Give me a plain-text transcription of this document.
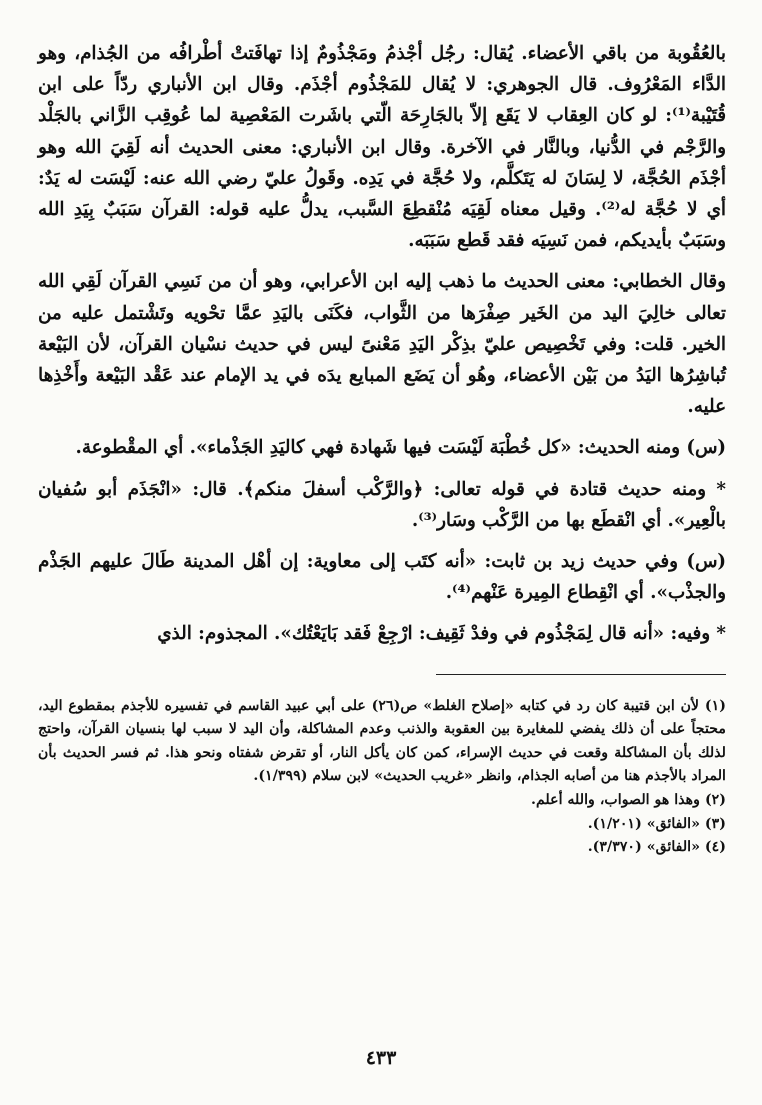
بالعُقُوبة من باقي الأعضاء. يُقال: رجُل أجْذمُ ومَجْذُومٌ إذا تهافَتتْ أطْرافُه من الجُذام، وهو الدَّاء المَعْرُوف. قال الجوهري: لا يُقال للمَجْذُوم أجْذَم. وقال ابن الأنباري ردّاً على ابن قُتَيْبة⁽¹⁾: لو كان العِقاب لا يَقَع إلاّ بالجَارِحَة الّتي باشَرت المَعْصِية لما عُوقِب الزَّاني بالجَلْد والرَّجْم في الدُّنيا، وبالنَّار في الآخرة. وقال ابن الأنباري: معنى الحديث أنه لَقِيَ الله وهو أجْذَم الحُجَّة، لا لِسَانَ له يَتَكلَّم، ولا حُجَّة في يَدِه. وقَولُ عليّ رضي الله عنه: لَيْسَت له يَدٌ: أي لا حُجَّة له⁽²⁾. وقيل معناه لَقِيَه مُنْقطِعَ السَّبب، يدلُّ عليه قوله: القرآن سَبَبٌ بِيَدِ الله وسَبَبٌ بأيديكم، فمن نَسِيَه فقد قَطع سَبَبَه.

وقال الخطابي: معنى الحديث ما ذهب إليه ابن الأعرابي، وهو أن من نَسِي القرآن لَقِي الله تعالى خالِيَ اليد من الخَير صِفْرَها من الثَّواب، فكَنَى باليَدِ عمَّا تحْويه وتَشْتمل عليه من الخير. قلت: وفي تَخْصِيص عليّ بذِكْر اليَدِ مَعْنىً ليس في حديث نسْيان القرآن، لأن البَيْعة تُباشِرُها اليَدُ من بَيْن الأعضاء، وهُو أن يَضَع المبايع يدَه في يد الإمام عند عَقْد البَيْعة وأَخْذِها عليه.

(س) ومنه الحديث: «كل خُطْبَة لَيْسَت فيها شَهادة فهي كاليَدِ الجَذْماء». أي المقْطوعة.

* ومنه حديث قتادة في قوله تعالى: ﴿والرَّكْب أسفلَ منكم﴾. قال: «انْجَذَم أبو سُفيان بالْعِير». أي انْقطَع بها من الرَّكْب وسَار⁽³⁾.

(س) وفي حديث زيد بن ثابت: «أنه كتَب إلى معاوية: إن أهْل المدينة طَالَ عليهم الجَذْم والجذْب». أي انْقِطاع المِيرة عَنْهم⁽⁴⁾.

* وفيه: «أنه قال لِمَجْذُوم في وفدْ ثَقِيف: ارْجِعْ فَقد بَايَعْتُك». المجذوم: الذي

(١) لأن ابن قتيبة كان رد في كتابه «إصلاح الغلط» ص(٢٦) على أبي عبيد القاسم في تفسيره للأجذم بمقطوع اليد، محتجاً على أن ذلك يفضي للمغايرة بين العقوبة والذنب وعدم المشاكلة، وأن اليد لا سبب لها بنسيان القرآن، واحتج لذلك بأن المشاكلة وقعت في حديث الإسراء، كمن كان يأكل النار، أو تقرض شفتاه ونحو هذا. ثم فسر الحديث بأن المراد بالأجذم هنا من أصابه الجذام، وانظر «غريب الحديث» لابن سلام (١/٣٩٩).

(٢) وهذا هو الصواب، والله أعلم.

(٣) «الفائق» (١/٢٠١).

(٤) «الفائق» (٣/٣٧٠).

٤٣٣
